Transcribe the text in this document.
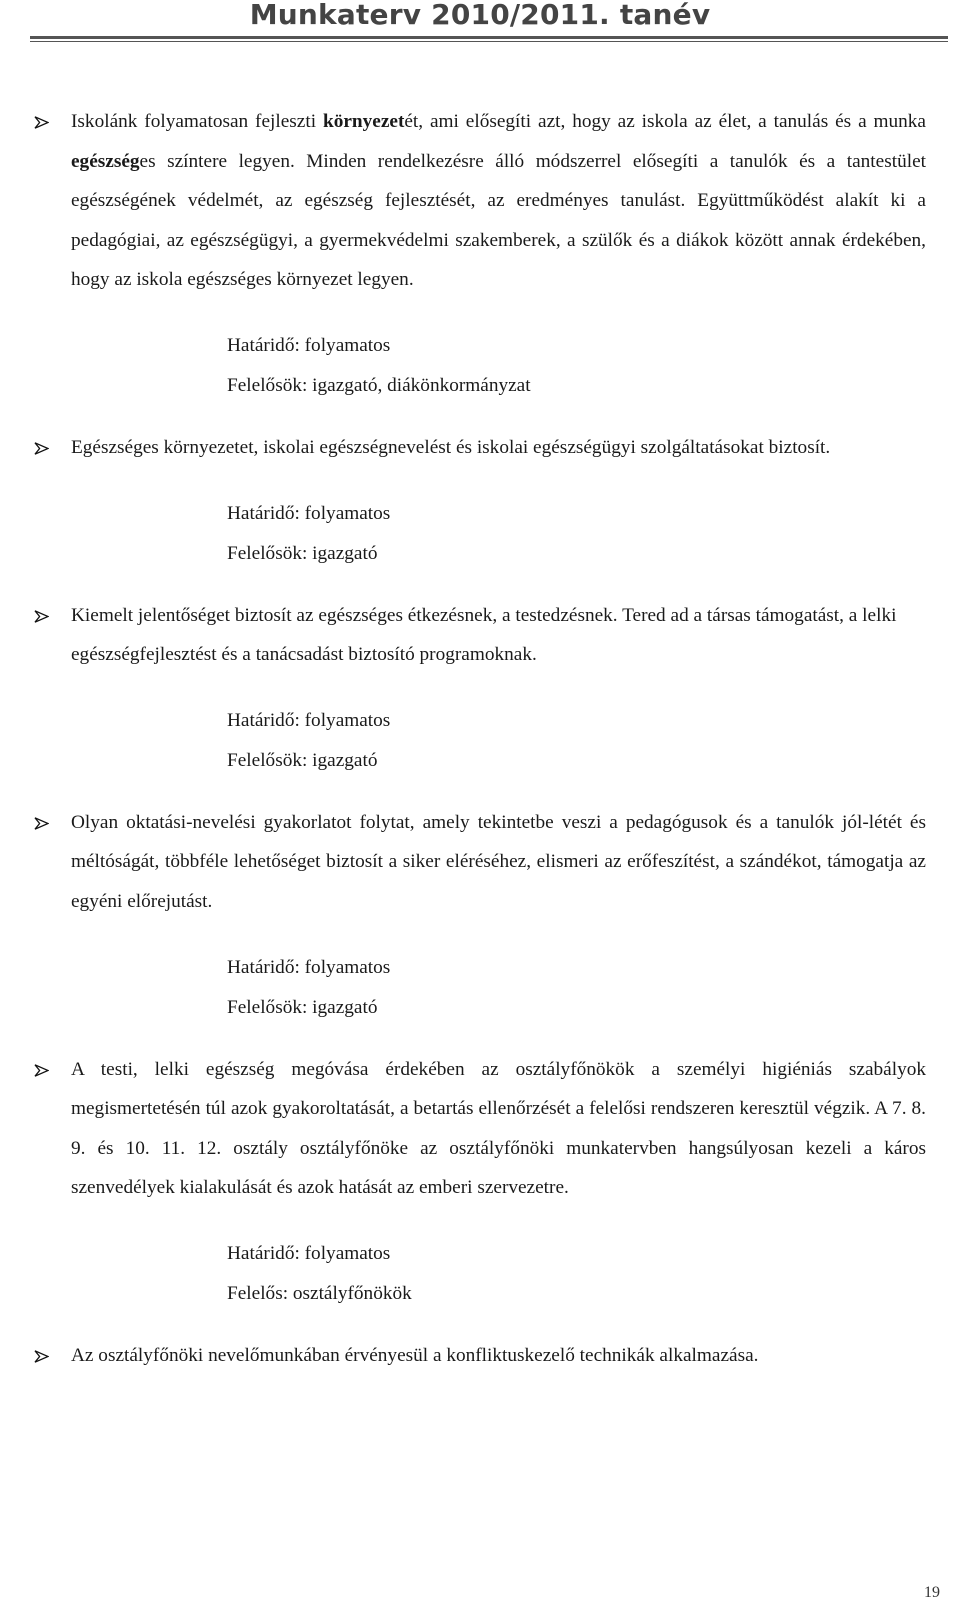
Munkaterv 2010/2011. tanév

Iskolánk folyamatosan fejleszti környezetét, ami elősegíti azt, hogy az iskola az élet, a tanulás és a munka egészséges színtere legyen. Minden rendelkezésre álló módszerrel elősegíti a tanulók és a tantestület egészségének védelmét, az egészség fejlesztését, az eredményes tanulást. Együttműködést alakít ki a pedagógiai, az egészségügyi, a gyermekvédelmi szakemberek, a szülők és a diákok között annak érdekében, hogy az iskola egészséges környezet legyen.

Határidő: folyamatos
Felelősök: igazgató, diákönkormányzat

Egészséges környezetet, iskolai egészségnevelést és iskolai egészségügyi szolgáltatásokat biztosít.

Határidő: folyamatos
Felelősök: igazgató

Kiemelt jelentőséget biztosít az egészséges étkezésnek, a testedzésnek. Tered ad a társas támogatást, a lelki egészségfejlesztést és a tanácsadást biztosító programoknak.

Határidő: folyamatos
Felelősök: igazgató

Olyan oktatási-nevelési gyakorlatot folytat, amely tekintetbe veszi a pedagógusok és a tanulók jól-létét és méltóságát, többféle lehetőséget biztosít a siker eléréséhez, elismeri az erőfeszítést, a szándékot, támogatja az egyéni előrejutást.

Határidő: folyamatos
Felelősök: igazgató

A testi, lelki egészség megóvása érdekében az osztályfőnökök a személyi higiéniás szabályok megismertetésén túl azok gyakoroltatását, a betartás ellenőrzését a felelősi rendszeren keresztül végzik. A 7. 8. 9. és 10. 11. 12. osztály osztályfőnöke az osztályfőnöki munkatervben hangsúlyosan kezeli a káros szenvedélyek kialakulását és azok hatását az emberi szervezetre.

Határidő: folyamatos
Felelős: osztályfőnökök

Az osztályfőnöki nevelőmunkában érvényesül a konfliktuskezelő technikák alkalmazása.

19
